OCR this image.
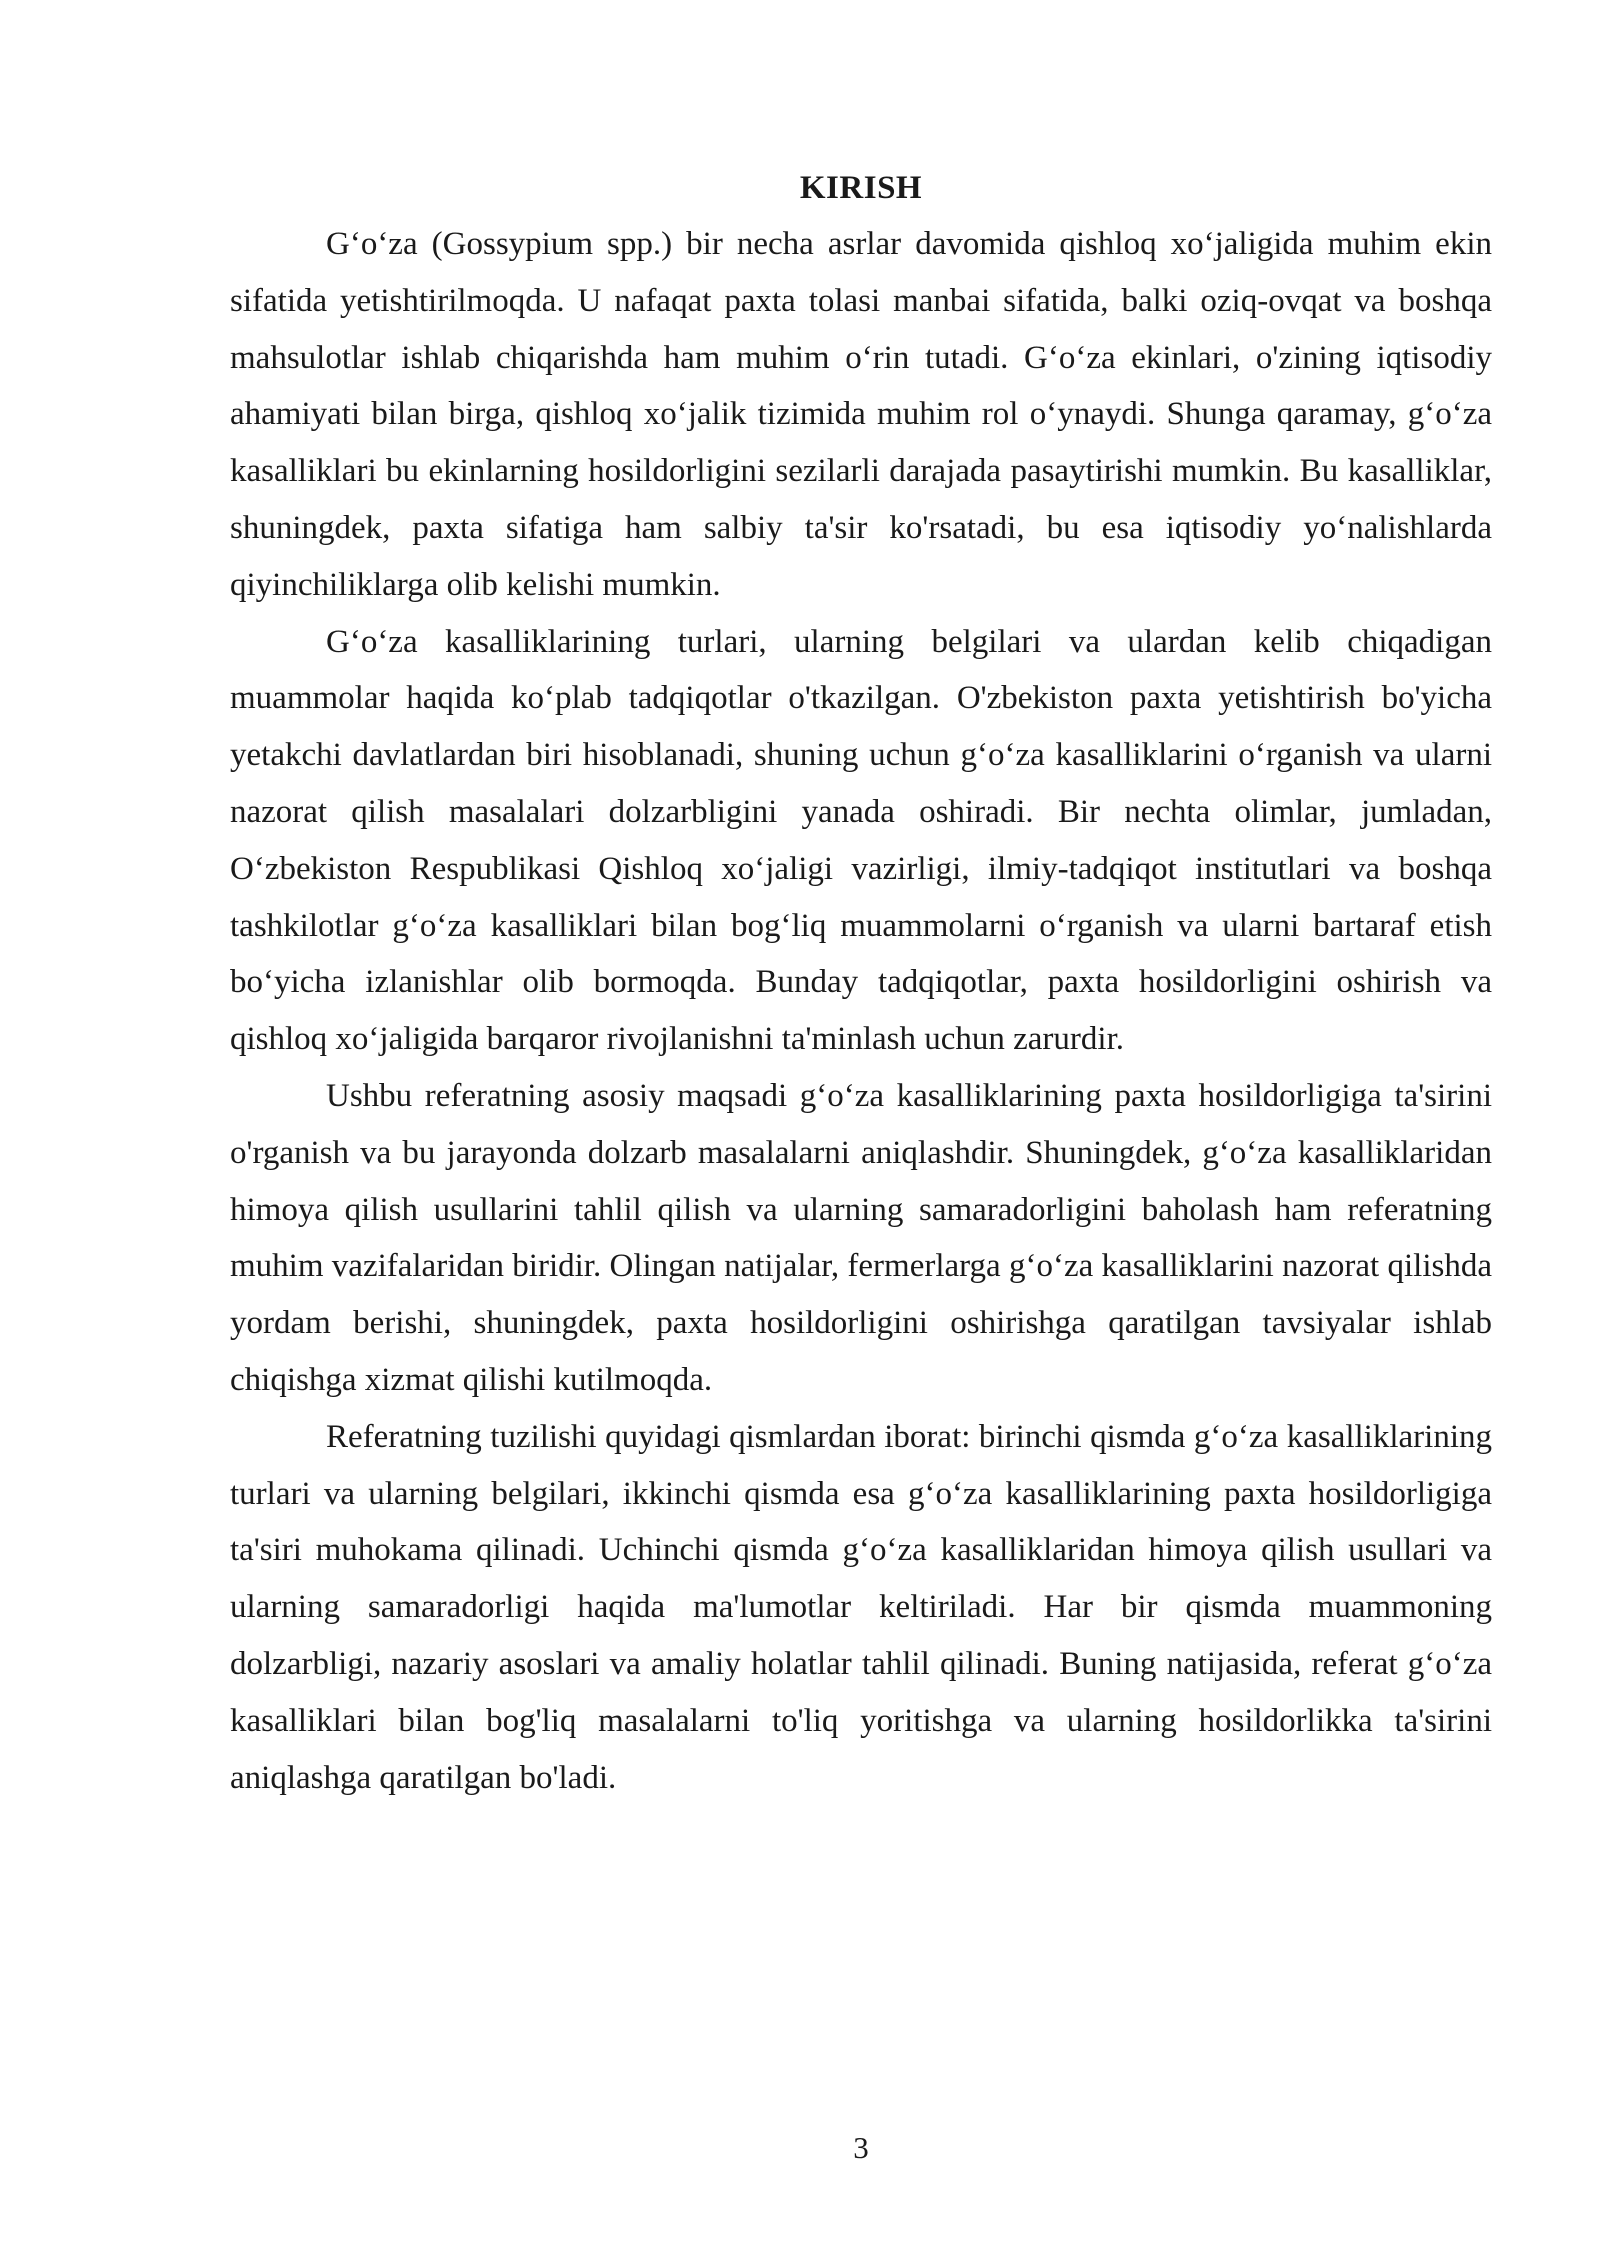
KIRISH

G‘o‘za (Gossypium spp.) bir necha asrlar davomida qishloq xo‘jaligida muhim ekin sifatida yetishtirilmoqda. U nafaqat paxta tolasi manbai sifatida, balki oziq-ovqat va boshqa mahsulotlar ishlab chiqarishda ham muhim o‘rin tutadi. G‘o‘za ekinlari, o'zining iqtisodiy ahamiyati bilan birga, qishloq xo‘jalik tizimida muhim rol o‘ynaydi. Shunga qaramay, g‘o‘za kasalliklari bu ekinlarning hosildorligini sezilarli darajada pasaytirishi mumkin. Bu kasalliklar, shuningdek, paxta sifatiga ham salbiy ta'sir ko'rsatadi, bu esa iqtisodiy yo‘nalishlarda qiyinchiliklarga olib kelishi mumkin.

G‘o‘za kasalliklarining turlari, ularning belgilari va ulardan kelib chiqadigan muammolar haqida ko‘plab tadqiqotlar o'tkazilgan. O'zbekiston paxta yetishtirish bo'yicha yetakchi davlatlardan biri hisoblanadi, shuning uchun g‘o‘za kasalliklarini o‘rganish va ularni nazorat qilish masalalari dolzarbligini yanada oshiradi. Bir nechta olimlar, jumladan, O‘zbekiston Respublikasi Qishloq xo‘jaligi vazirligi, ilmiy-tadqiqot institutlari va boshqa tashkilotlar g‘o‘za kasalliklari bilan bog‘liq muammolarni o‘rganish va ularni bartaraf etish bo‘yicha izlanishlar olib bormoqda. Bunday tadqiqotlar, paxta hosildorligini oshirish va qishloq xo‘jaligida barqaror rivojlanishni ta'minlash uchun zarurdir.

Ushbu referatning asosiy maqsadi g‘o‘za kasalliklarining paxta hosildorligiga ta'sirini o'rganish va bu jarayonda dolzarb masalalarni aniqlashdir. Shuningdek, g‘o‘za kasalliklaridan himoya qilish usullarini tahlil qilish va ularning samaradorligini baholash ham referatning muhim vazifalaridan biridir. Olingan natijalar, fermerlarga g‘o‘za kasalliklarini nazorat qilishda yordam berishi, shuningdek, paxta hosildorligini oshirishga qaratilgan tavsiyalar ishlab chiqishga xizmat qilishi kutilmoqda.

Referatning tuzilishi quyidagi qismlardan iborat: birinchi qismda g‘o‘za kasalliklarining turlari va ularning belgilari, ikkinchi qismda esa g‘o‘za kasalliklarining paxta hosildorligiga ta'siri muhokama qilinadi. Uchinchi qismda g‘o‘za kasalliklaridan himoya qilish usullari va ularning samaradorligi haqida ma'lumotlar keltiriladi. Har bir qismda muammoning dolzarbligi, nazariy asoslari va amaliy holatlar tahlil qilinadi. Buning natijasida, referat g‘o‘za kasalliklari bilan bog'liq masalalarni to'liq yoritishga va ularning hosildorlikka ta'sirini aniqlashga qaratilgan bo'ladi.

3
